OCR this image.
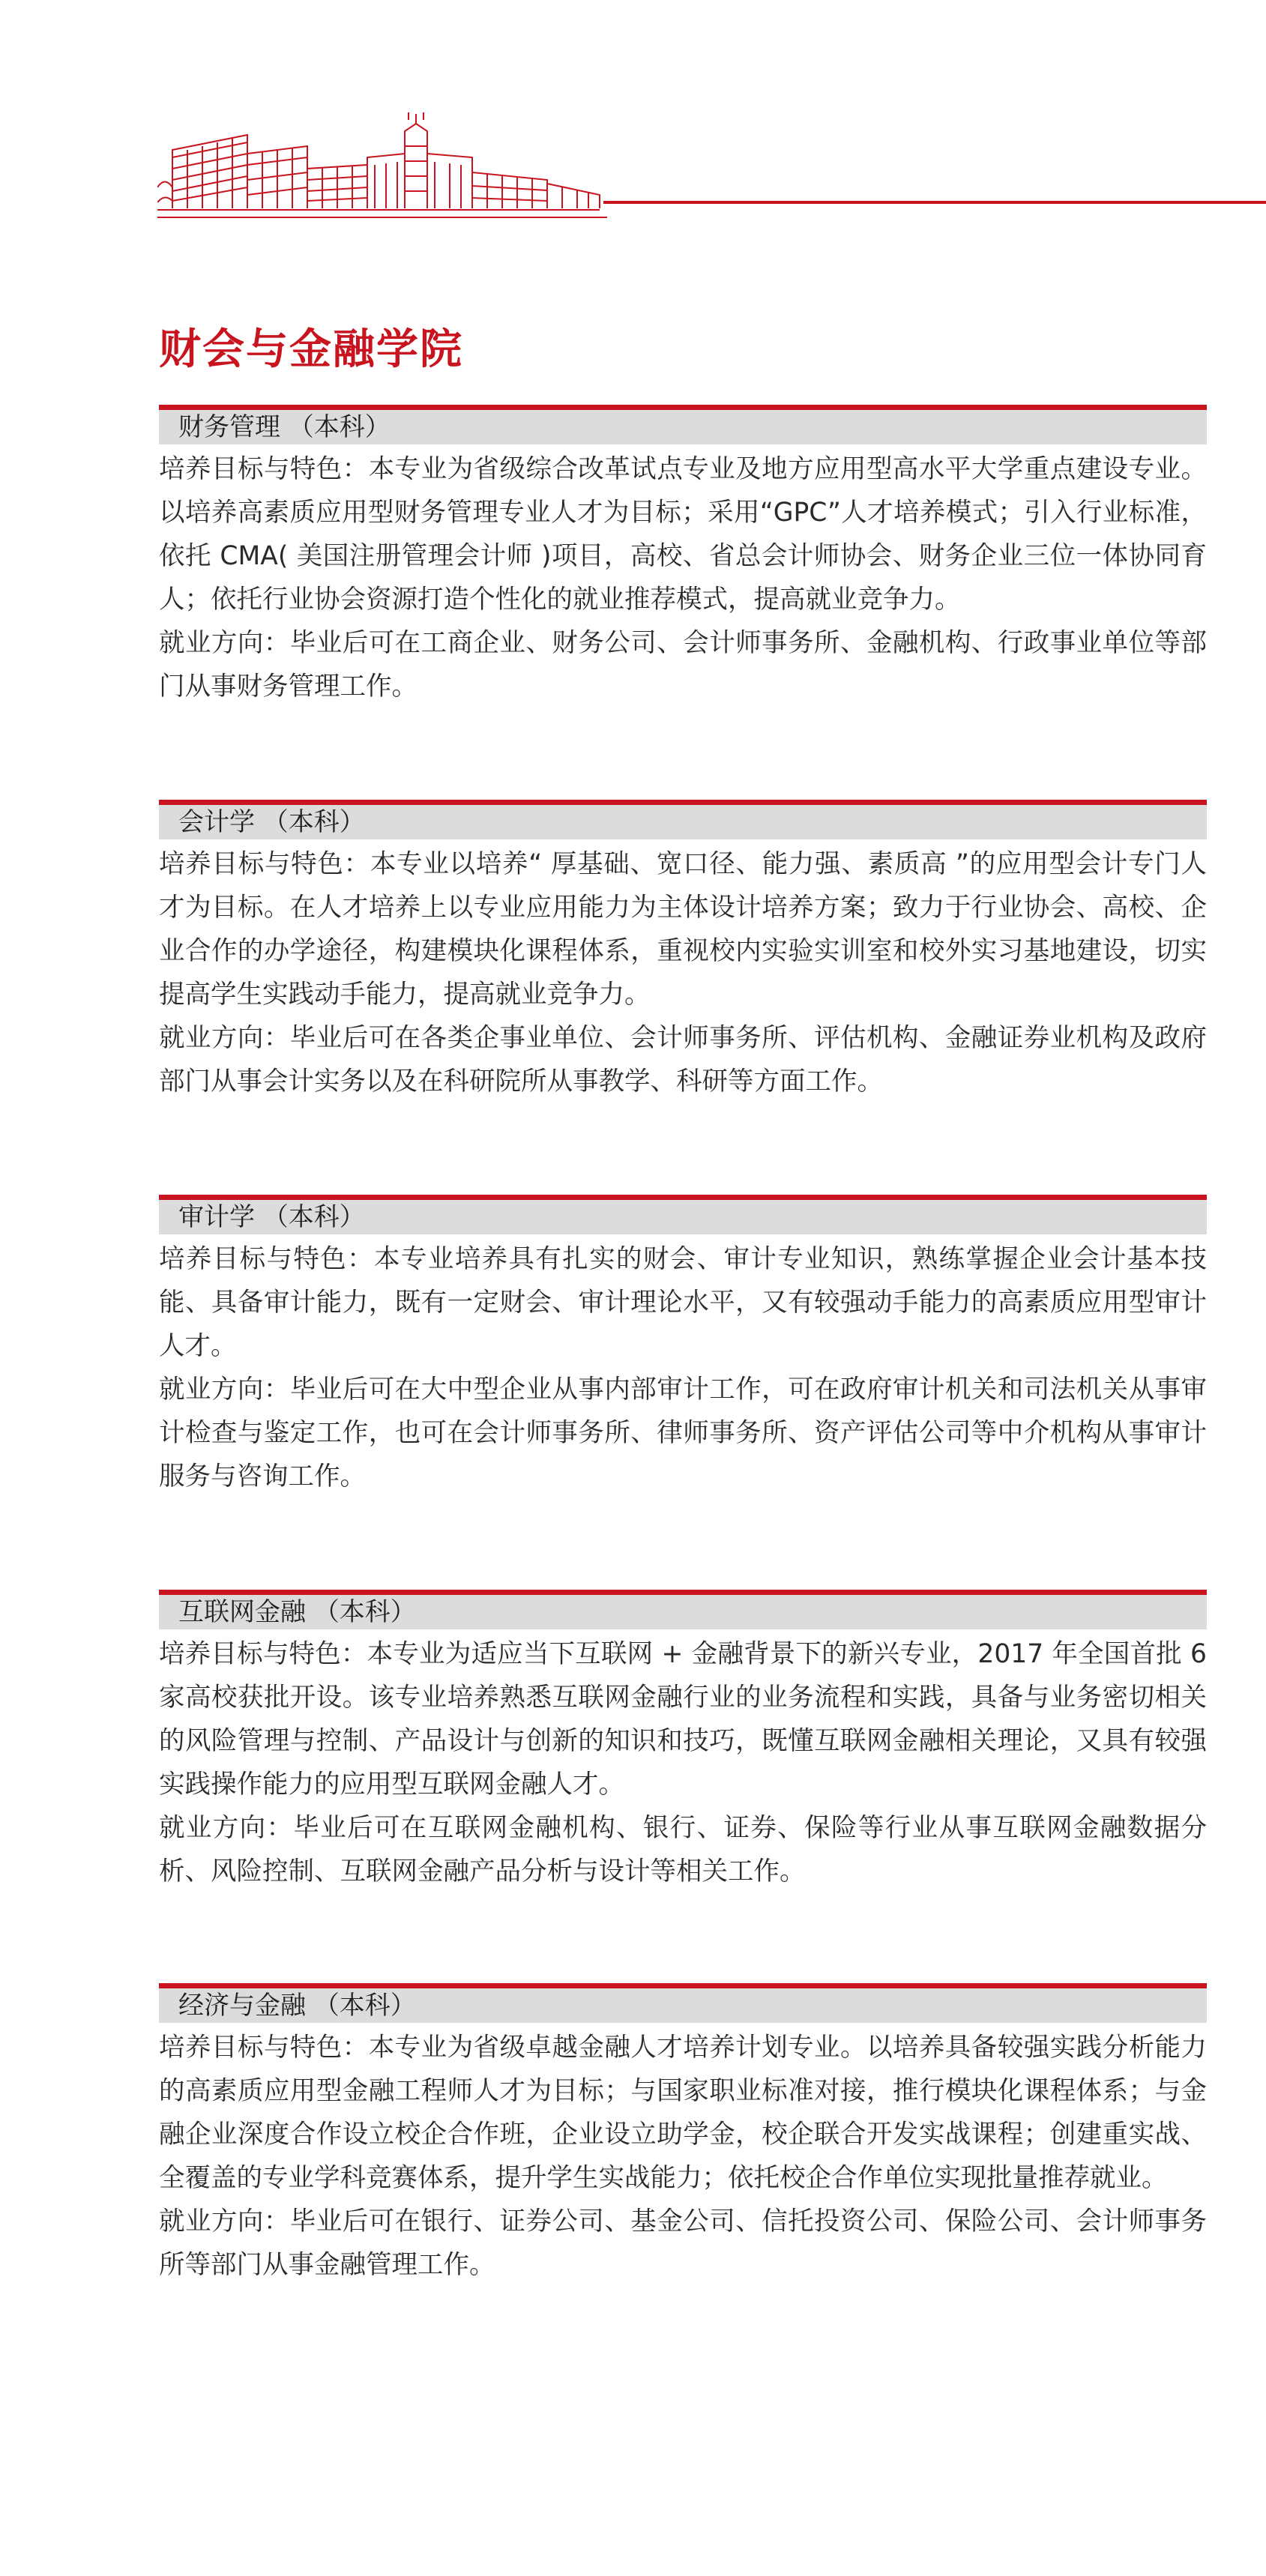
财会与金融学院
财务管理 （本科）

培养目标与特色：本专业为省级综合改革试点专业及地方应用型高水平大学重点建设专业。以培养高素质应用型财务管理专业人才为目标；采用“GPC”人才培养模式；引入行业标准，依托 CMA( 美国注册管理会计师 )项目，高校、省总会计师协会、财务企业三位一体协同育人；依托行业协会资源打造个性化的就业推荐模式，提高就业竞争力。

就业方向：毕业后可在工商企业、财务公司、会计师事务所、金融机构、行政事业单位等部门从事财务管理工作。

会计学 （本科）

培养目标与特色：本专业以培养“ 厚基础、宽口径、能力强、素质高 ”的应用型会计专门人才为目标。在人才培养上以专业应用能力为主体设计培养方案；致力于行业协会、高校、企业合作的办学途径，构建模块化课程体系，重视校内实验实训室和校外实习基地建设，切实提高学生实践动手能力，提高就业竞争力。

就业方向：毕业后可在各类企事业单位、会计师事务所、评估机构、金融证券业机构及政府部门从事会计实务以及在科研院所从事教学、科研等方面工作。

审计学 （本科）

培养目标与特色：本专业培养具有扎实的财会、审计专业知识，熟练掌握企业会计基本技能、具备审计能力，既有一定财会、审计理论水平，又有较强动手能力的高素质应用型审计人才。

就业方向：毕业后可在大中型企业从事内部审计工作，可在政府审计机关和司法机关从事审计检查与鉴定工作，也可在会计师事务所、律师事务所、资产评估公司等中介机构从事审计服务与咨询工作。

互联网金融 （本科）

培养目标与特色：本专业为适应当下互联网 + 金融背景下的新兴专业，2017 年全国首批 6 家高校获批开设。该专业培养熟悉互联网金融行业的业务流程和实践，具备与业务密切相关的风险管理与控制、产品设计与创新的知识和技巧，既懂互联网金融相关理论，又具有较强实践操作能力的应用型互联网金融人才。

就业方向：毕业后可在互联网金融机构、银行、证券、保险等行业从事互联网金融数据分析、风险控制、互联网金融产品分析与设计等相关工作。

经济与金融 （本科）

培养目标与特色：本专业为省级卓越金融人才培养计划专业。以培养具备较强实践分析能力的高素质应用型金融工程师人才为目标；与国家职业标准对接，推行模块化课程体系；与金融企业深度合作设立校企合作班，企业设立助学金，校企联合开发实战课程；创建重实战、全覆盖的专业学科竞赛体系，提升学生实战能力；依托校企合作单位实现批量推荐就业。

就业方向：毕业后可在银行、证券公司、基金公司、信托投资公司、保险公司、会计师事务所等部门从事金融管理工作。
